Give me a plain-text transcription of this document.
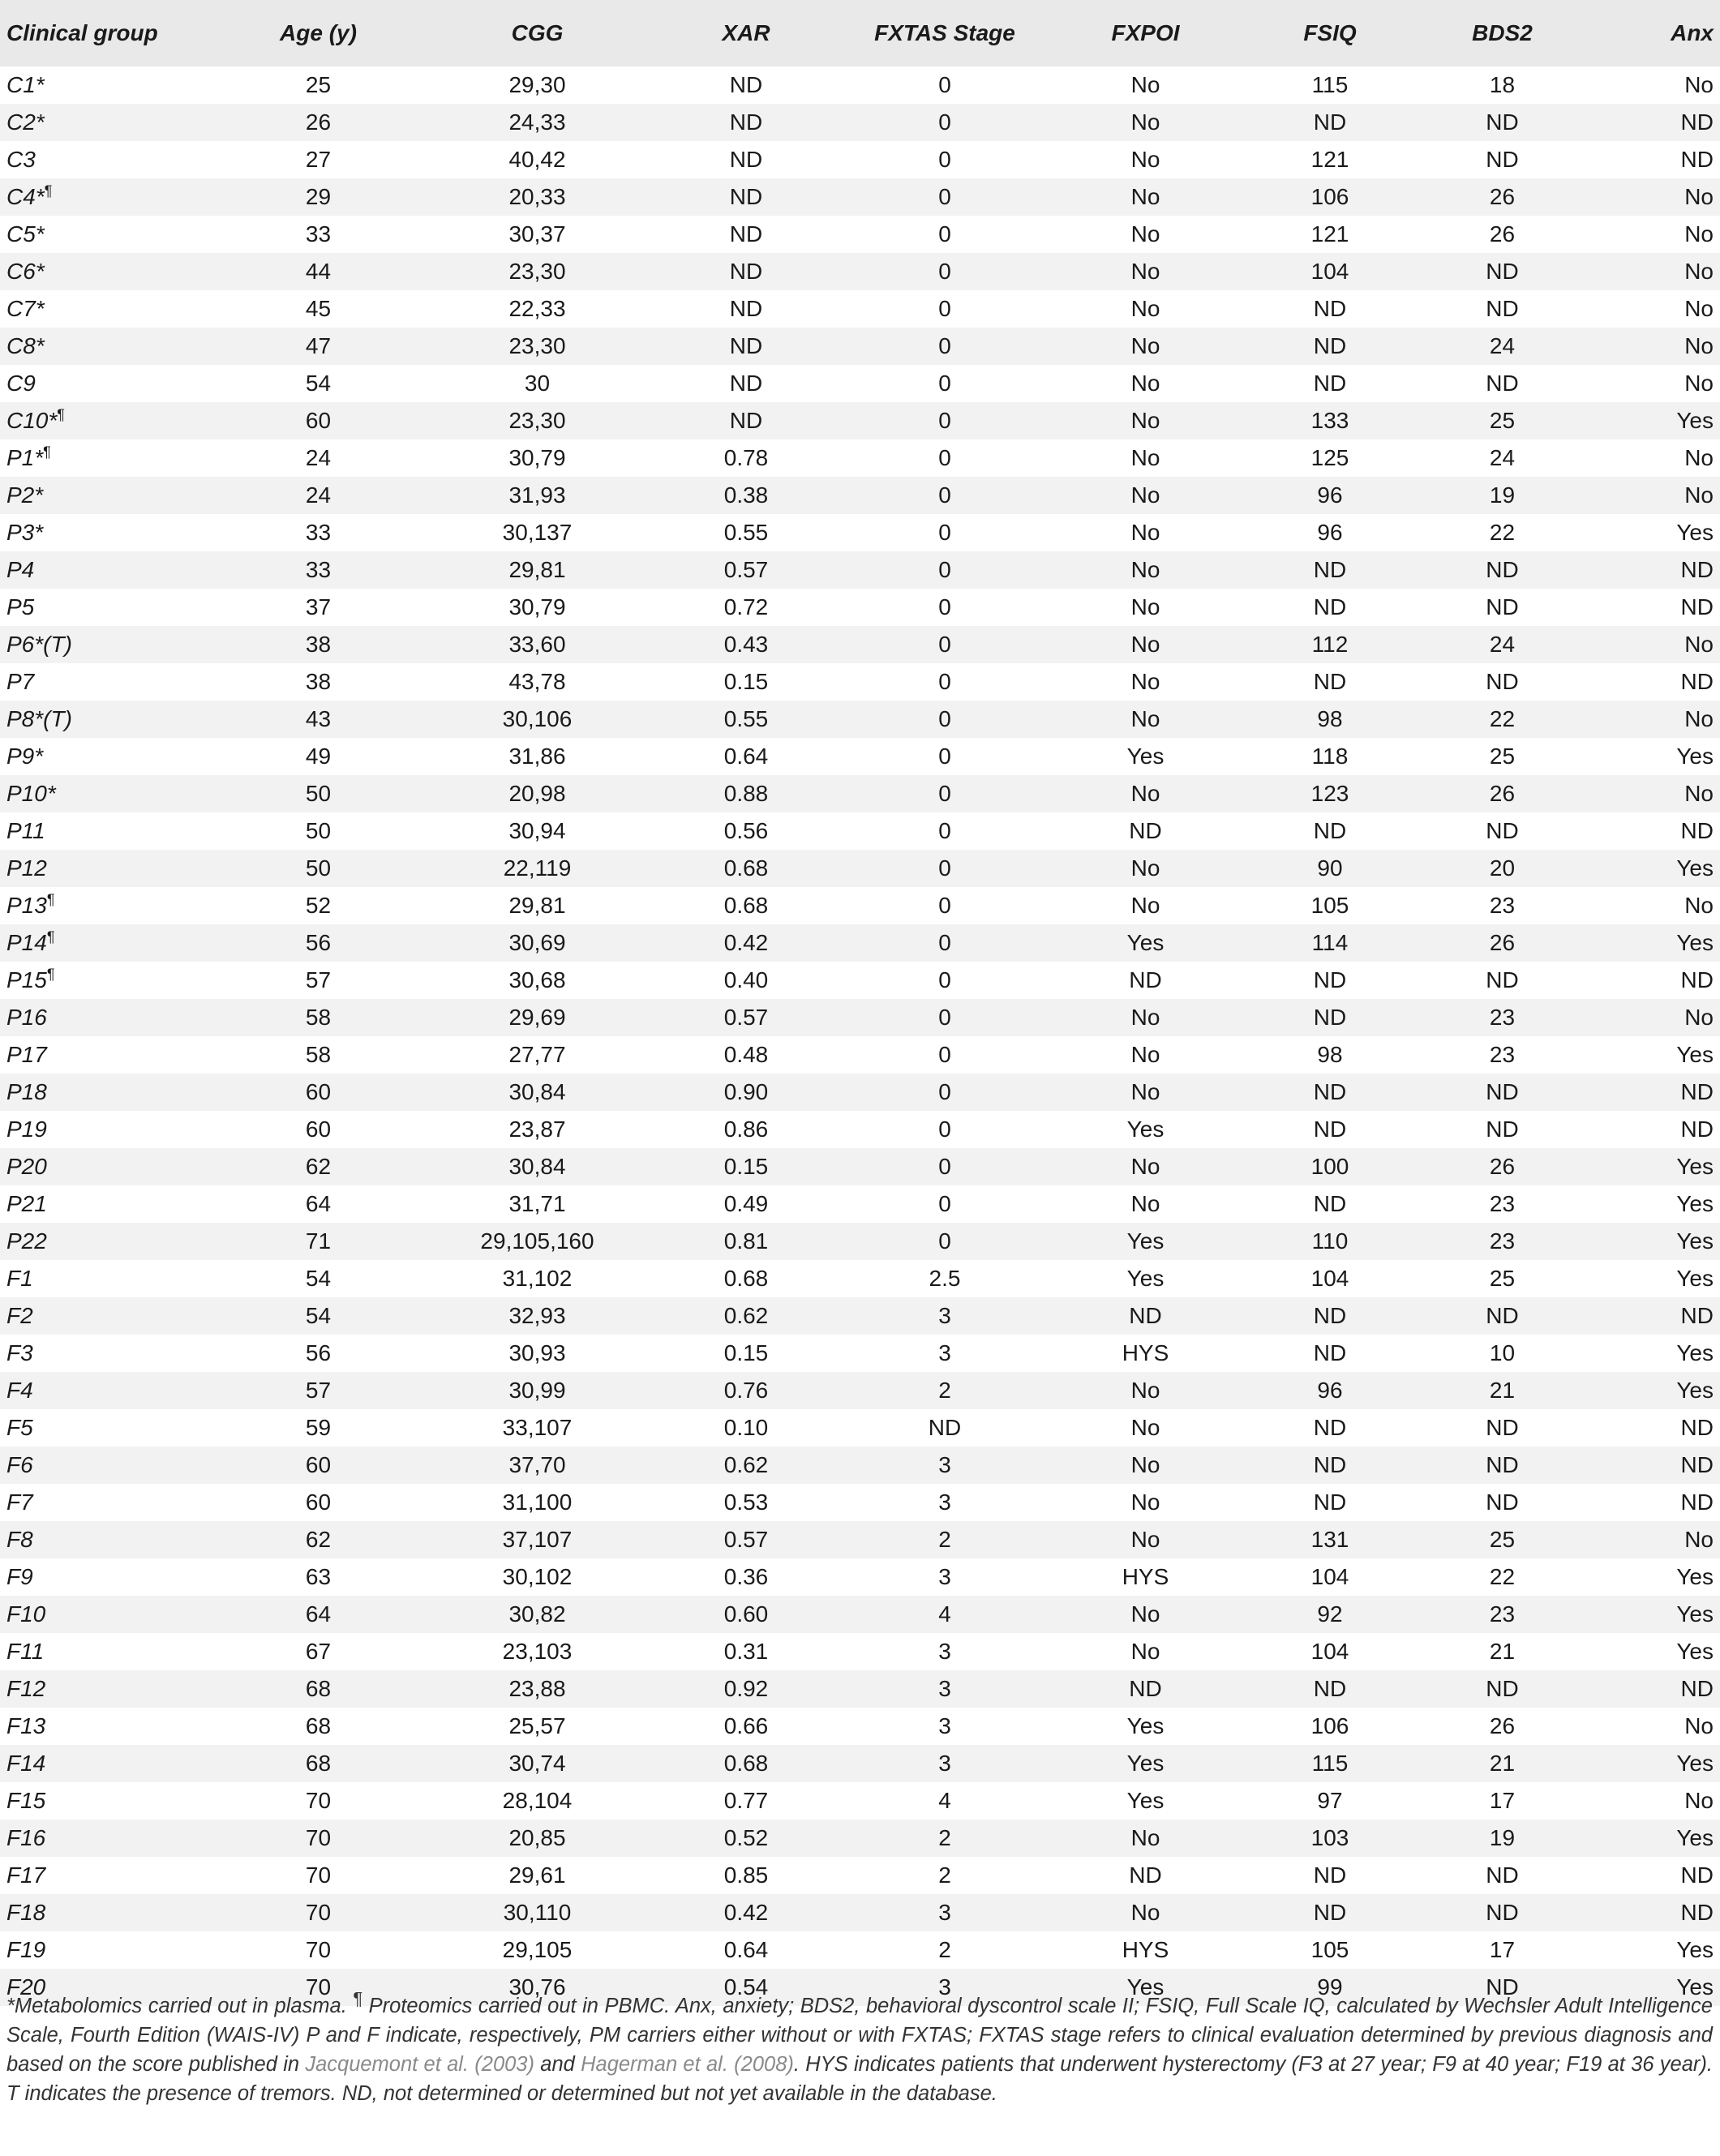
Clinical group	Age (y)	CGG	XAR	FXTAS Stage	FXPOI	FSIQ	BDS2	Anx
C1*	25	29,30	ND	0	No	115	18	No
C2*	26	24,33	ND	0	No	ND	ND	ND
C3	27	40,42	ND	0	No	121	ND	ND
C4*¶	29	20,33	ND	0	No	106	26	No
C5*	33	30,37	ND	0	No	121	26	No
C6*	44	23,30	ND	0	No	104	ND	No
C7*	45	22,33	ND	0	No	ND	ND	No
C8*	47	23,30	ND	0	No	ND	24	No
C9	54	30	ND	0	No	ND	ND	No
C10*¶	60	23,30	ND	0	No	133	25	Yes
P1*¶	24	30,79	0.78	0	No	125	24	No
P2*	24	31,93	0.38	0	No	96	19	No
P3*	33	30,137	0.55	0	No	96	22	Yes
P4	33	29,81	0.57	0	No	ND	ND	ND
P5	37	30,79	0.72	0	No	ND	ND	ND
P6*(T)	38	33,60	0.43	0	No	112	24	No
P7	38	43,78	0.15	0	No	ND	ND	ND
P8*(T)	43	30,106	0.55	0	No	98	22	No
P9*	49	31,86	0.64	0	Yes	118	25	Yes
P10*	50	20,98	0.88	0	No	123	26	No
P11	50	30,94	0.56	0	ND	ND	ND	ND
P12	50	22,119	0.68	0	No	90	20	Yes
P13¶	52	29,81	0.68	0	No	105	23	No
P14¶	56	30,69	0.42	0	Yes	114	26	Yes
P15¶	57	30,68	0.40	0	ND	ND	ND	ND
P16	58	29,69	0.57	0	No	ND	23	No
P17	58	27,77	0.48	0	No	98	23	Yes
P18	60	30,84	0.90	0	No	ND	ND	ND
P19	60	23,87	0.86	0	Yes	ND	ND	ND
P20	62	30,84	0.15	0	No	100	26	Yes
P21	64	31,71	0.49	0	No	ND	23	Yes
P22	71	29,105,160	0.81	0	Yes	110	23	Yes
F1	54	31,102	0.68	2.5	Yes	104	25	Yes
F2	54	32,93	0.62	3	ND	ND	ND	ND
F3	56	30,93	0.15	3	HYS	ND	10	Yes
F4	57	30,99	0.76	2	No	96	21	Yes
F5	59	33,107	0.10	ND	No	ND	ND	ND
F6	60	37,70	0.62	3	No	ND	ND	ND
F7	60	31,100	0.53	3	No	ND	ND	ND
F8	62	37,107	0.57	2	No	131	25	No
F9	63	30,102	0.36	3	HYS	104	22	Yes
F10	64	30,82	0.60	4	No	92	23	Yes
F11	67	23,103	0.31	3	No	104	21	Yes
F12	68	23,88	0.92	3	ND	ND	ND	ND
F13	68	25,57	0.66	3	Yes	106	26	No
F14	68	30,74	0.68	3	Yes	115	21	Yes
F15	70	28,104	0.77	4	Yes	97	17	No
F16	70	20,85	0.52	2	No	103	19	Yes
F17	70	29,61	0.85	2	ND	ND	ND	ND
F18	70	30,110	0.42	3	No	ND	ND	ND
F19	70	29,105	0.64	2	HYS	105	17	Yes
F20	70	30,76	0.54	3	Yes	99	ND	Yes

*Metabolomics carried out in plasma. ¶ Proteomics carried out in PBMC. Anx, anxiety; BDS2, behavioral dyscontrol scale II; FSIQ, Full Scale IQ, calculated by Wechsler Adult Intelligence Scale, Fourth Edition (WAIS-IV) P and F indicate, respectively, PM carriers either without or with FXTAS; FXTAS stage refers to clinical evaluation determined by previous diagnosis and based on the score published in Jacquemont et al. (2003) and Hagerman et al. (2008). HYS indicates patients that underwent hysterectomy (F3 at 27 year; F9 at 40 year; F19 at 36 year). T indicates the presence of tremors. ND, not determined or determined but not yet available in the database.
